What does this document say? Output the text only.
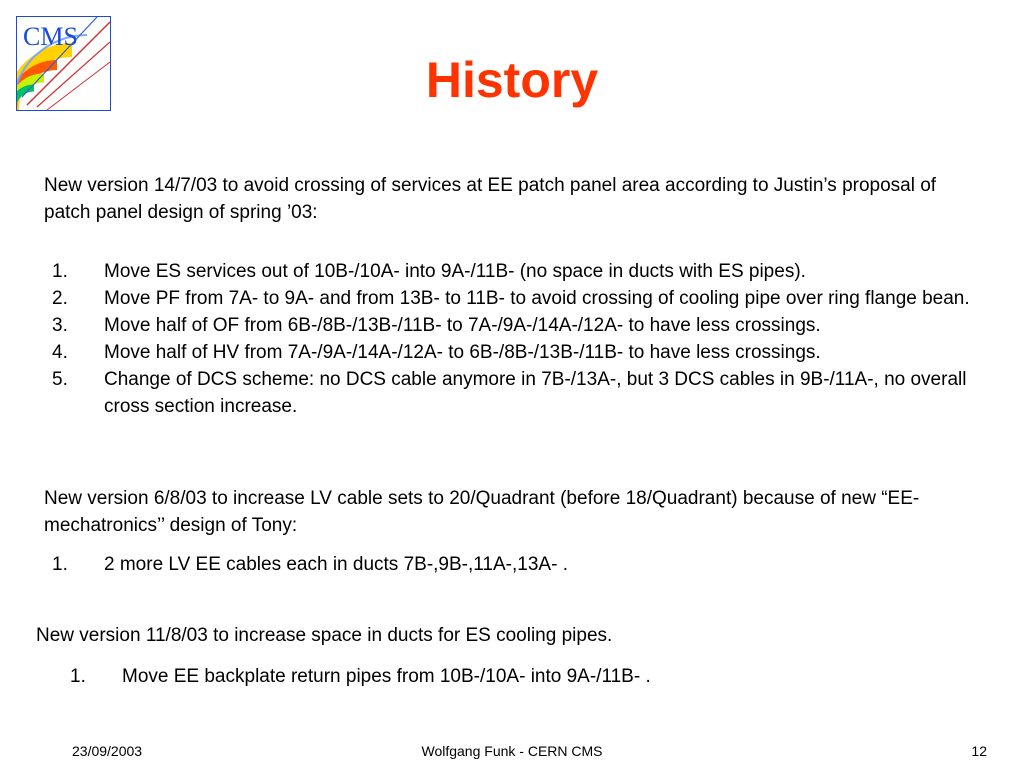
CMS
History

New version 14/7/03 to avoid crossing of services at EE patch panel area according to Justin’s proposal of patch panel design of spring ’03:

1.	Move ES services out of 10B-/10A- into 9A-/11B- (no space in ducts with ES pipes).
2.	Move PF from 7A- to 9A- and from 13B- to 11B- to avoid crossing of cooling pipe over ring flange bean.
3.	Move half of OF from 6B-/8B-/13B-/11B- to 7A-/9A-/14A-/12A- to have less crossings.
4.	Move half of HV from 7A-/9A-/14A-/12A- to 6B-/8B-/13B-/11B- to have less crossings.
5.	Change of DCS scheme: no DCS cable anymore in 7B-/13A-, but 3 DCS cables in 9B-/11A-, no overall cross section increase.

New version 6/8/03 to increase LV cable sets to 20/Quadrant (before 18/Quadrant) because of new “EE-mechatronics’’ design of Tony:

1.	2 more LV EE cables each in ducts 7B-,9B-,11A-,13A- .

New version 11/8/03 to increase space in ducts for ES cooling pipes.

1.	Move EE backplate return pipes from 10B-/10A- into 9A-/11B- .
23/09/2003	Wolfgang Funk - CERN CMS	12
